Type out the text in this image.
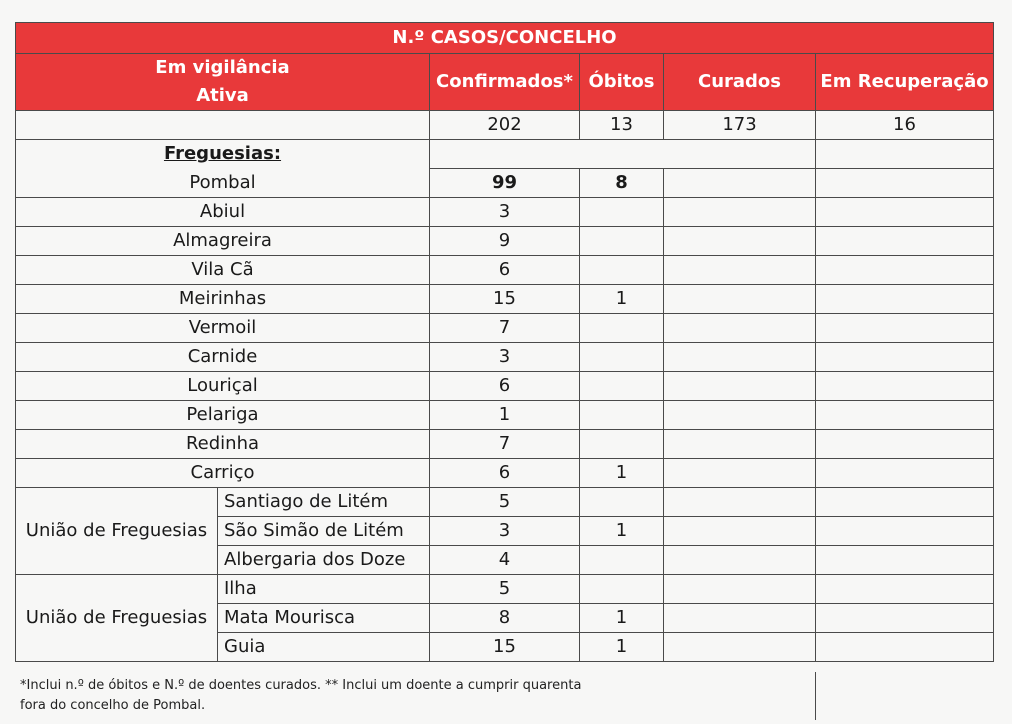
N.º CASOS/CONCELHO					
Em vigilância		Confirmados*	Óbitos	Curados	Em Recuperação
Ativa					
		202	13	173	16
Freguesias:					
Pombal		99	8		
Abiul		3			
Almagreira		9			
Vila Cã		6			
Meirinhas		15	1		
Vermoil		7			
Carnide		3			
Louriçal		6			
Pelariga		1			
Redinha		7			
Carriço		6	1		
União de Freguesias	Santiago de Litém	5			
	São Simão de Litém	3	1		
	Albergaria dos Doze	4			
União de Freguesias	Ilha	5			
	Mata Mourisca	8	1		
	Guia	15	1		
*Inclui n.º de óbitos e N.º de doentes curados. ** Inclui um doente a cumprir quarenta
fora do concelho de Pombal.
